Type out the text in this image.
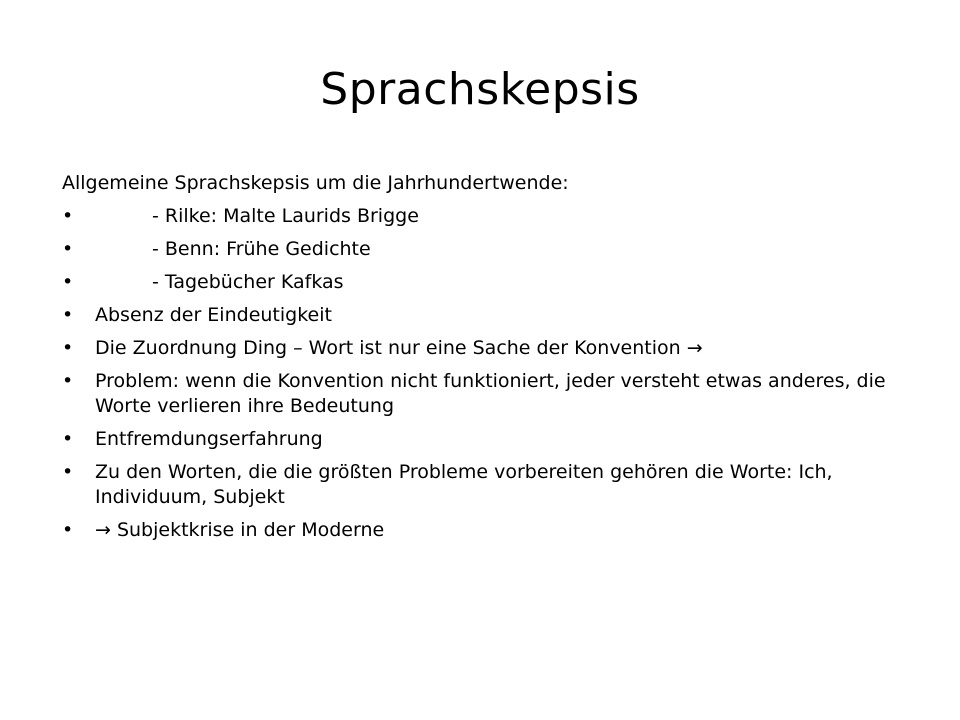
Sprachskepsis
Allgemeine Sprachskepsis um die Jahrhundertwende:
•	- Rilke: Malte Laurids Brigge
•	- Benn: Frühe Gedichte
•	- Tagebücher Kafkas
•	Absenz der Eindeutigkeit
•	Die Zuordnung Ding – Wort ist nur eine Sache der Konvention →
•	Problem: wenn die Konvention nicht funktioniert, jeder versteht etwas anderes, die Worte verlieren ihre Bedeutung
•	Entfremdungserfahrung
•	Zu den Worten, die die größten Probleme vorbereiten gehören die Worte: Ich, Individuum, Subjekt
•	→ Subjektkrise in der Moderne
